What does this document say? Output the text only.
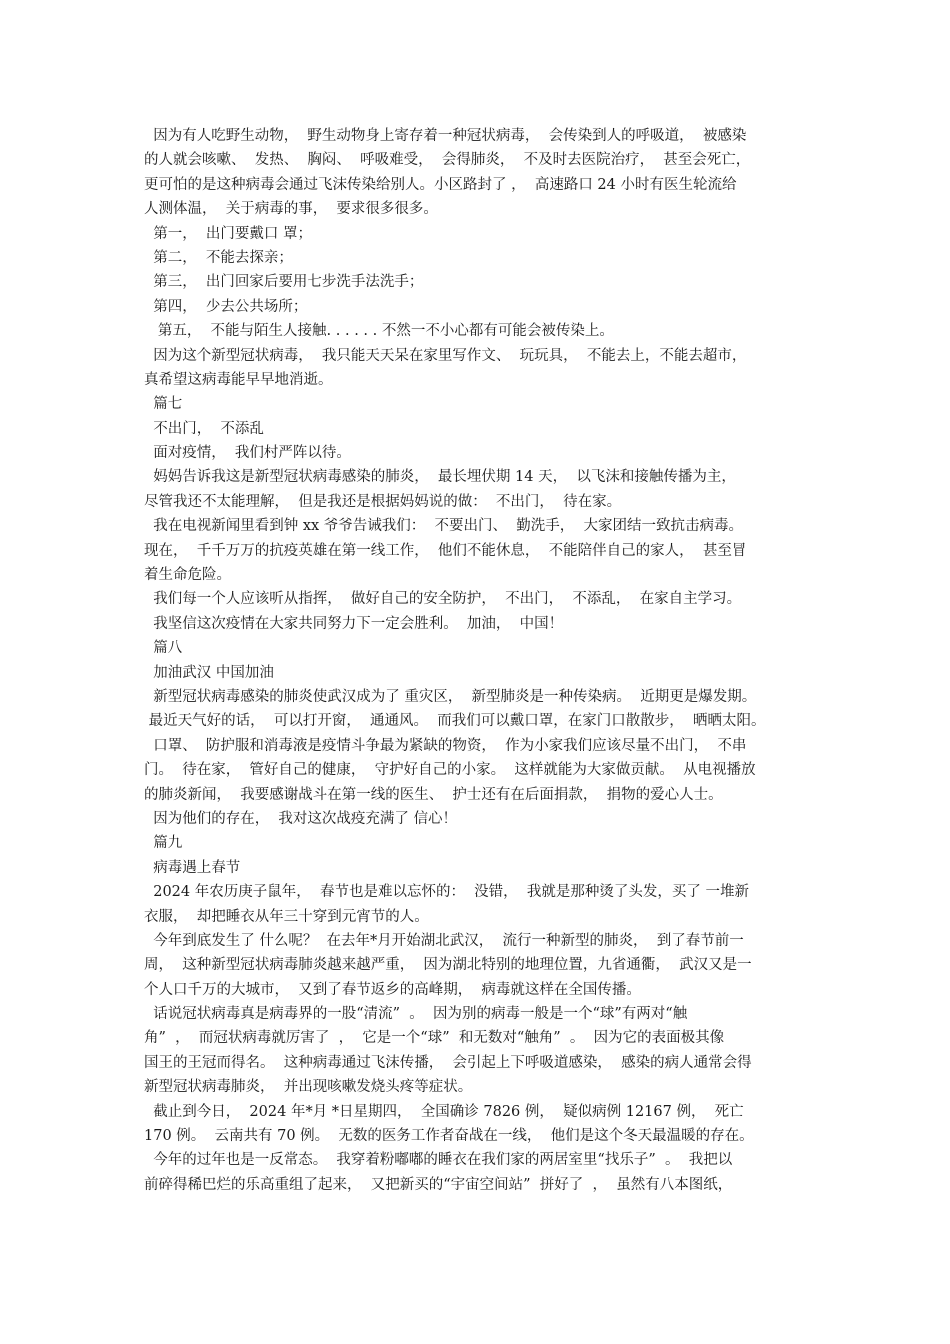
因为有人吃野生动物，  野生动物身上寄存着一种冠状病毒，  会传染到人的呼吸道，  被感染
的人就会咳嗽、  发热、  胸闷、  呼吸难受，  会得肺炎，  不及时去医院治疗，  甚至会死亡，
更可怕的是这种病毒会通过飞沫传染给别人。小区路封了 ，  高速路口 24 小时有医生轮流给
人测体温，  关于病毒的事，  要求很多很多。
第一，  出门要戴口 罩；
第二，  不能去探亲；
第三，  出门回家后要用七步洗手法洗手；
第四，  少去公共场所；
第五，  不能与陌生人接触. . . . . . 不然一不小心都有可能会被传染上。
因为这个新型冠状病毒，  我只能天天呆在家里写作文、  玩玩具，  不能去上，不能去超市，
真希望这病毒能早早地消逝。
篇七
不出门，  不添乱
面对疫情，  我们村严阵以待。
妈妈告诉我这是新型冠状病毒感染的肺炎，  最长埋伏期 14 天，  以飞沫和接触传播为主，
尽管我还不太能理解，  但是我还是根据妈妈说的做：  不出门，  待在家。
我在电视新闻里看到钟 xx 爷爷告诫我们：  不要出门、  勤洗手，  大家团结一致抗击病毒。
现在，  千千万万的抗疫英雄在第一线工作，  他们不能休息，  不能陪伴自己的家人，  甚至冒
着生命危险。
我们每一个人应该听从指挥，  做好自己的安全防护，  不出门，  不添乱，  在家自主学习。
我坚信这次疫情在大家共同努力下一定会胜利。  加油，  中国！
篇八
加油武汉 中国加油
新型冠状病毒感染的肺炎使武汉成为了 重灾区，  新型肺炎是一种传染病。  近期更是爆发期。
最近天气好的话，  可以打开窗，  通通风。  而我们可以戴口罩，在家门口散散步，  晒晒太阳。
口罩、  防护服和消毒液是疫情斗争最为紧缺的物资，  作为小家我们应该尽量不出门，  不串
门。  待在家，  管好自己的健康，  守护好自己的小家。  这样就能为大家做贡献。  从电视播放
的肺炎新闻，  我要感谢战斗在第一线的医生、  护士还有在后面捐款，  捐物的爱心人士。
因为他们的存在，  我对这次战疫充满了 信心！
篇九
病毒遇上春节
2024 年农历庚子鼠年，  春节也是难以忘怀的：  没错，  我就是那种烫了头发，买了 一堆新
衣服，  却把睡衣从年三十穿到元宵节的人。
今年到底发生了 什么呢？  在去年*月开始湖北武汉，  流行一种新型的肺炎，  到了春节前一
周，  这种新型冠状病毒肺炎越来越严重，  因为湖北特别的地理位置，九省通衢，  武汉又是一
个人口千万的大城市，  又到了春节返乡的高峰期，  病毒就这样在全国传播。
话说冠状病毒真是病毒界的一股“清流”  。  因为别的病毒一般是一个“球”有两对“触
角”  ，  而冠状病毒就厉害了  ，  它是一个“球”  和无数对“触角”  。  因为它的表面极其像
国王的王冠而得名。  这种病毒通过飞沫传播，  会引起上下呼吸道感染，  感染的病人通常会得
新型冠状病毒肺炎，  并出现咳嗽发烧头疼等症状。
截止到今日，  2024 年*月 *日星期四，  全国确诊 7826 例，  疑似病例 12167 例，  死亡
170 例。  云南共有 70 例。  无数的医务工作者奋战在一线，  他们是这个冬天最温暖的存在。
今年的过年也是一反常态。  我穿着粉嘟嘟的睡衣在我们家的两居室里“找乐子”  。  我把以
前碎得稀巴烂的乐高重组了起来，  又把新买的“宇宙空间站”  拼好了  ，  虽然有八本图纸，
